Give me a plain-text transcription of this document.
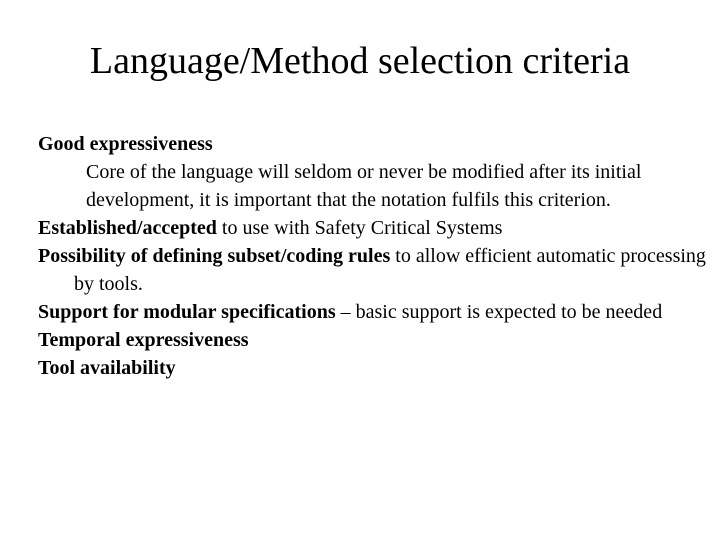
Language/Method selection criteria

Good expressiveness

Core of the language will seldom or never be modified after its initial development, it is important that the notation fulfils this criterion.

Established/accepted to use with Safety Critical Systems

Possibility of defining subset/coding rules to allow efficient automatic processing by tools.

Support for modular specifications – basic support is expected to be needed

Temporal expressiveness

Tool availability
